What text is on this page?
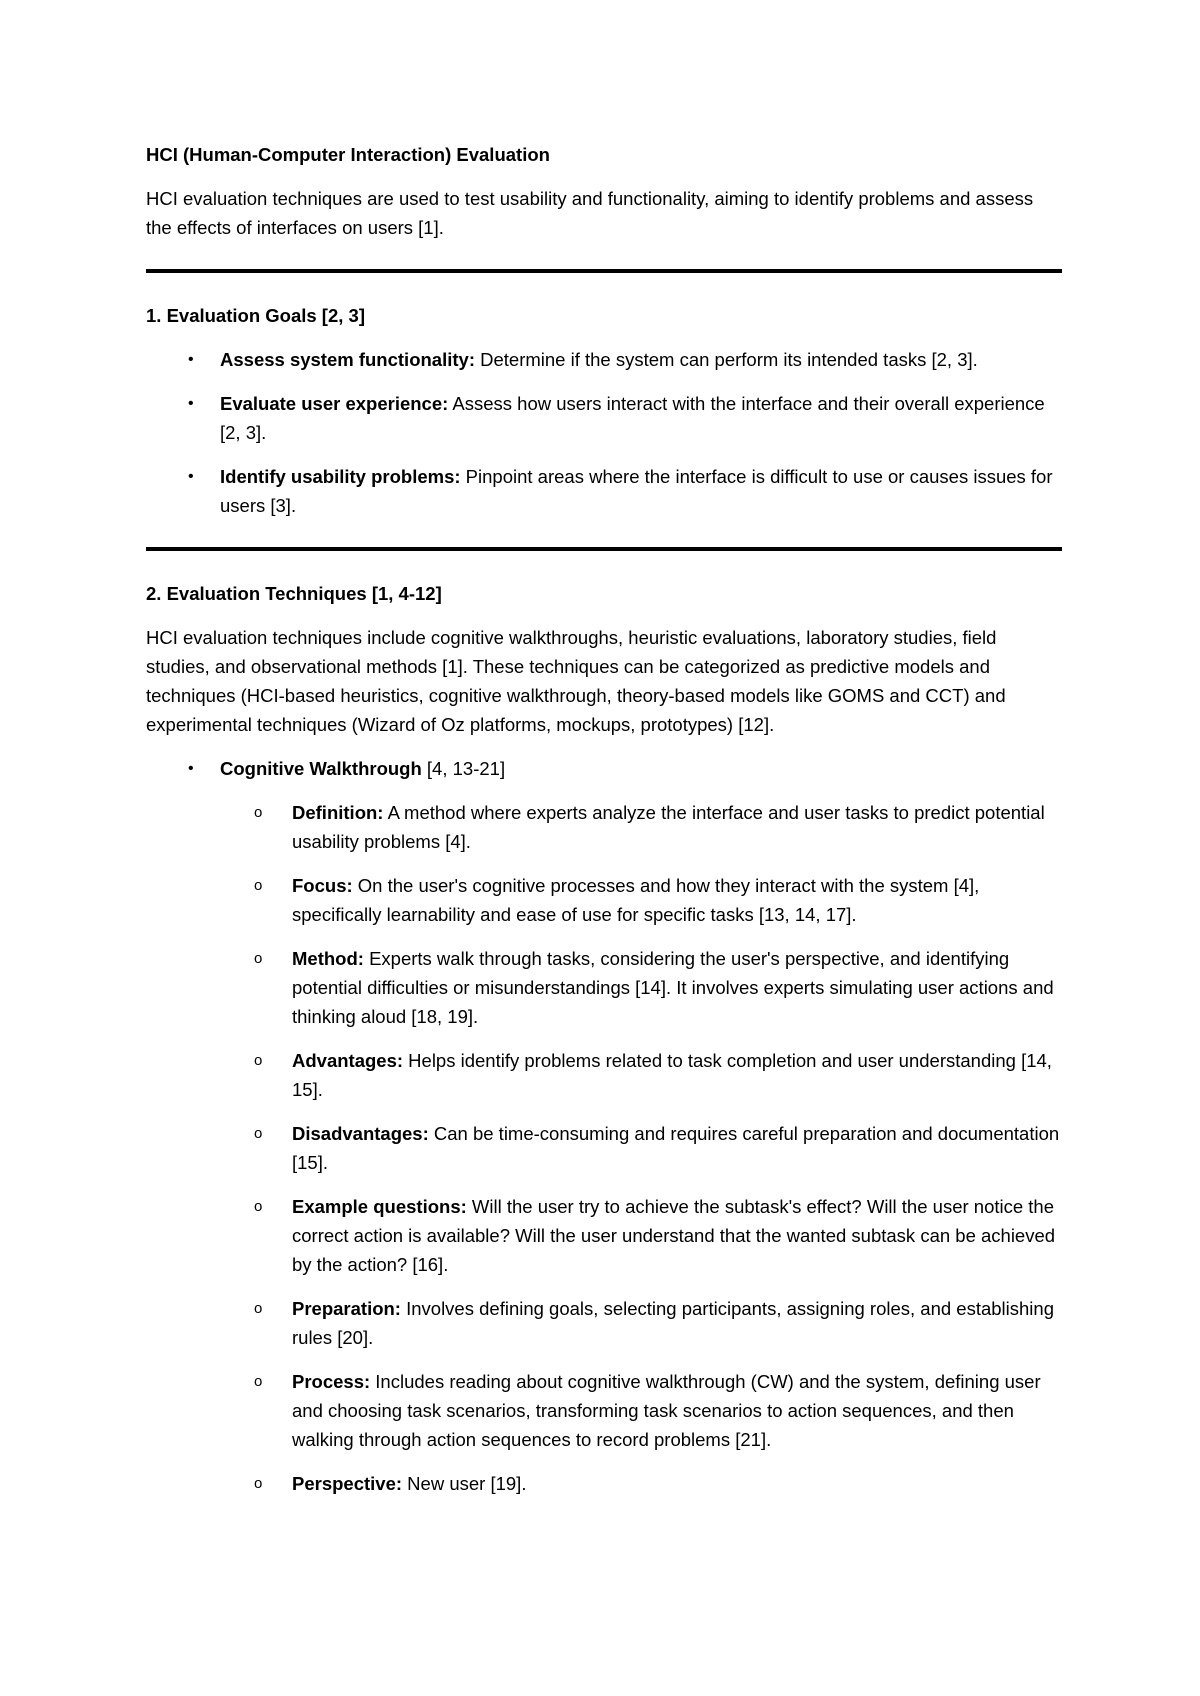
HCI (Human-Computer Interaction) Evaluation

HCI evaluation techniques are used to test usability and functionality, aiming to identify problems and assess the effects of interfaces on users [1].

1. Evaluation Goals [2, 3]

• Assess system functionality: Determine if the system can perform its intended tasks [2, 3].
• Evaluate user experience: Assess how users interact with the interface and their overall experience [2, 3].
• Identify usability problems: Pinpoint areas where the interface is difficult to use or causes issues for users [3].

2. Evaluation Techniques [1, 4-12]

HCI evaluation techniques include cognitive walkthroughs, heuristic evaluations, laboratory studies, field studies, and observational methods [1]. These techniques can be categorized as predictive models and techniques (HCI-based heuristics, cognitive walkthrough, theory-based models like GOMS and CCT) and experimental techniques (Wizard of Oz platforms, mockups, prototypes) [12].

• Cognitive Walkthrough [4, 13-21]
o Definition: A method where experts analyze the interface and user tasks to predict potential usability problems [4].
o Focus: On the user's cognitive processes and how they interact with the system [4], specifically learnability and ease of use for specific tasks [13, 14, 17].
o Method: Experts walk through tasks, considering the user's perspective, and identifying potential difficulties or misunderstandings [14]. It involves experts simulating user actions and thinking aloud [18, 19].
o Advantages: Helps identify problems related to task completion and user understanding [14, 15].
o Disadvantages: Can be time-consuming and requires careful preparation and documentation [15].
o Example questions: Will the user try to achieve the subtask's effect? Will the user notice the correct action is available? Will the user understand that the wanted subtask can be achieved by the action? [16].
o Preparation: Involves defining goals, selecting participants, assigning roles, and establishing rules [20].
o Process: Includes reading about cognitive walkthrough (CW) and the system, defining user and choosing task scenarios, transforming task scenarios to action sequences, and then walking through action sequences to record problems [21].
o Perspective: New user [19].
